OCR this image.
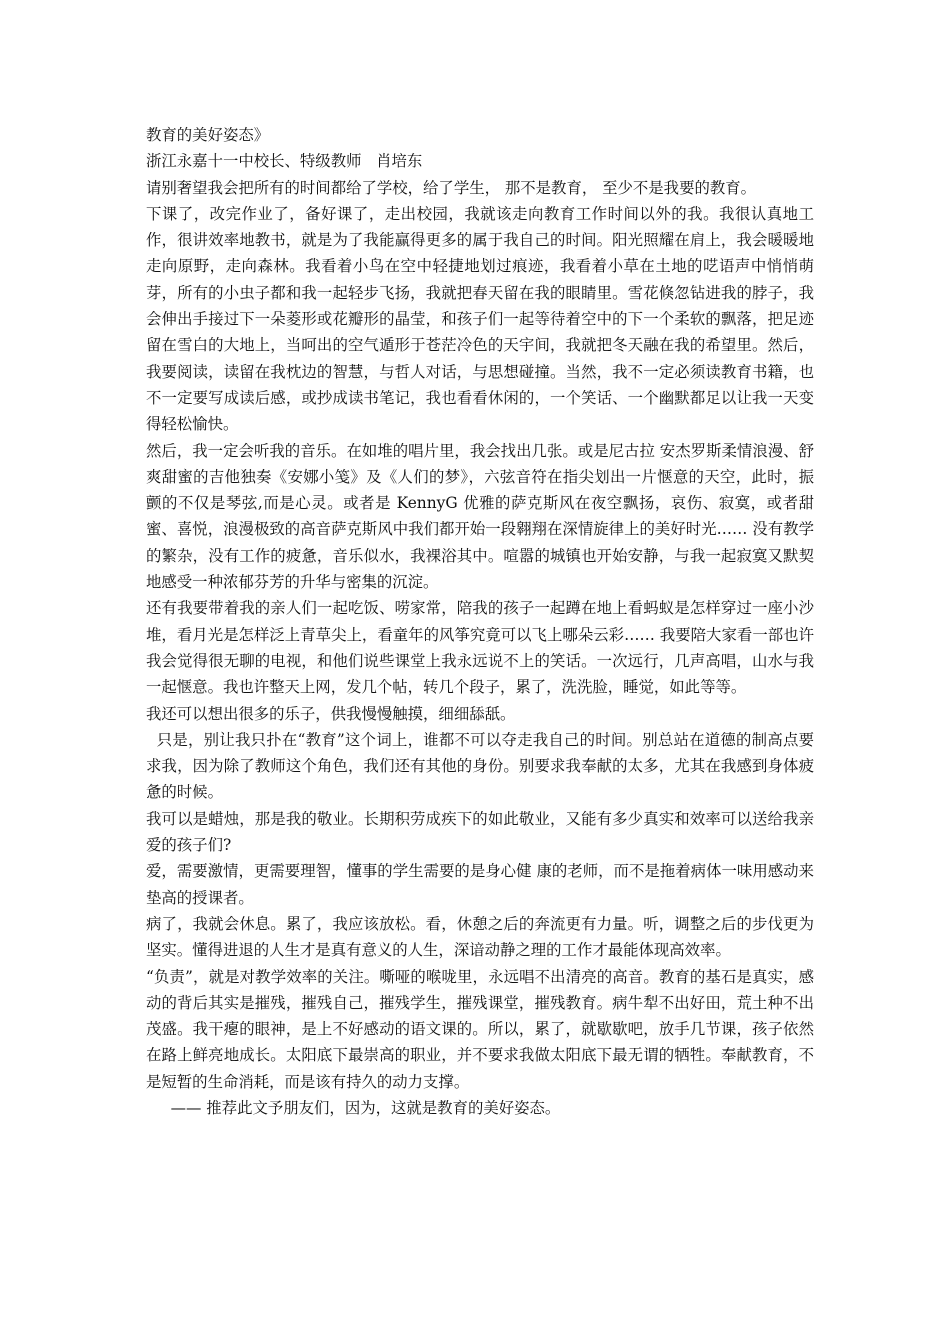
教育的美好姿态》

浙江永嘉十一中校长、特级教师   肖培东

请别奢望我会把所有的时间都给了学校，给了学生， 那不是教育， 至少不是我要的教育。

下课了，改完作业了，备好课了，走出校园，我就该走向教育工作时间以外的我。我很认真地工作，很讲效率地教书，就是为了我能赢得更多的属于我自己的时间。阳光照耀在肩上，我会暖暖地走向原野，走向森林。我看着小鸟在空中轻捷地划过痕迹，我看着小草在土地的呓语声中悄悄萌芽，所有的小虫子都和我一起轻步飞扬，我就把春天留在我的眼睛里。雪花倏忽钻进我的脖子，我会伸出手接过下一朵菱形或花瓣形的晶莹，和孩子们一起等待着空中的下一个柔软的飘落，把足迹留在雪白的大地上，当呵出的空气遁形于苍茫冷色的天宇间，我就把冬天融在我的希望里。然后，我要阅读，读留在我枕边的智慧，与哲人对话，与思想碰撞。当然，我不一定必须读教育书籍，也不一定要写成读后感，或抄成读书笔记，我也看看休闲的，一个笑话、一个幽默都足以让我一天变得轻松愉快。

然后，我一定会听我的音乐。在如堆的唱片里，我会找出几张。或是尼古拉 安杰罗斯柔情浪漫、舒爽甜蜜的吉他独奏《安娜小笺》及《人们的梦》，六弦音符在指尖划出一片惬意的天空，此时，振颤的不仅是琴弦,而是心灵。或者是 KennyG 优雅的萨克斯风在夜空飘扬，哀伤、寂寞，或者甜蜜、喜悦，浪漫极致的高音萨克斯风中我们都开始一段翱翔在深情旋律上的美好时光…… 没有教学的繁杂，没有工作的疲惫，音乐似水，我裸浴其中。喧嚣的城镇也开始安静，与我一起寂寞又默契地感受一种浓郁芬芳的升华与密集的沉淀。

还有我要带着我的亲人们一起吃饭、唠家常，陪我的孩子一起蹲在地上看蚂蚁是怎样穿过一座小沙堆，看月光是怎样泛上青草尖上，看童年的风筝究竟可以飞上哪朵云彩…… 我要陪大家看一部也许我会觉得很无聊的电视，和他们说些课堂上我永远说不上的笑话。一次远行，几声高唱，山水与我一起惬意。我也许整天上网，发几个帖，转几个段子，累了，洗洗脸，睡觉，如此等等。

我还可以想出很多的乐子，供我慢慢触摸，细细舔舐。

只是，别让我只扑在“教育”这个词上，谁都不可以夺走我自己的时间。别总站在道德的制高点要求我，因为除了教师这个角色，我们还有其他的身份。别要求我奉献的太多，尤其在我感到身体疲惫的时候。

我可以是蜡烛，那是我的敬业。长期积劳成疾下的如此敬业，又能有多少真实和效率可以送给我亲爱的孩子们?

爱，需要激情，更需要理智，懂事的学生需要的是身心健 康的老师，而不是拖着病体一味用感动来垫高的授课者。

病了，我就会休息。累了，我应该放松。看，休憩之后的奔流更有力量。听，调整之后的步伐更为坚实。懂得进退的人生才是真有意义的人生，深谙动静之理的工作才最能体现高效率。

“负责”，就是对教学效率的关注。嘶哑的喉咙里，永远唱不出清亮的高音。教育的基石是真实，感动的背后其实是摧残，摧残自己，摧残学生，摧残课堂，摧残教育。病牛犁不出好田，荒土种不出茂盛。我干瘪的眼神，是上不好感动的语文课的。所以，累了，就歇歇吧，放手几节课，孩子依然在路上鲜亮地成长。太阳底下最崇高的职业，并不要求我做太阳底下最无谓的牺牲。奉献教育，不是短暂的生命消耗，而是该有持久的动力支撑。

—— 推荐此文予朋友们，因为，这就是教育的美好姿态。
